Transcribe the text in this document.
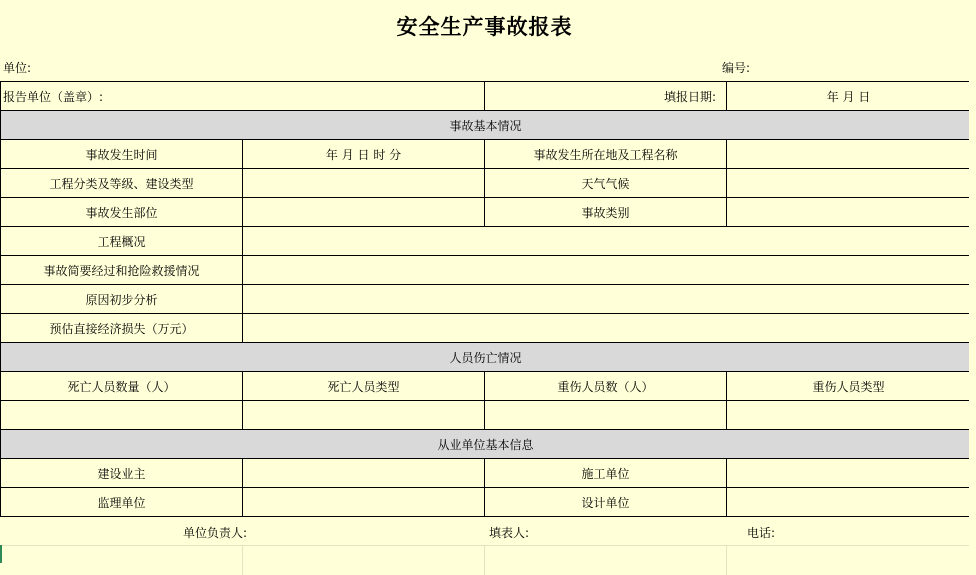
安全生产事故报表
单位:	编号:
报告单位（盖章）:		填报日期:	年 月 日
事故基本情况			
事故发生时间	年 月 日 时 分	事故发生所在地及工程名称	
工程分类及等级、建设类型		天气气候	
事故发生部位		事故类别	
工程概况			
事故简要经过和抢险救援情况			
原因初步分析			
预估直接经济损失（万元）			
人员伤亡情况			
死亡人员数量（人）	死亡人员类型	重伤人员数（人）	重伤人员类型

从业单位基本信息			
建设业主		施工单位	
监理单位		设计单位	
单位负责人:	填表人:	电话:
